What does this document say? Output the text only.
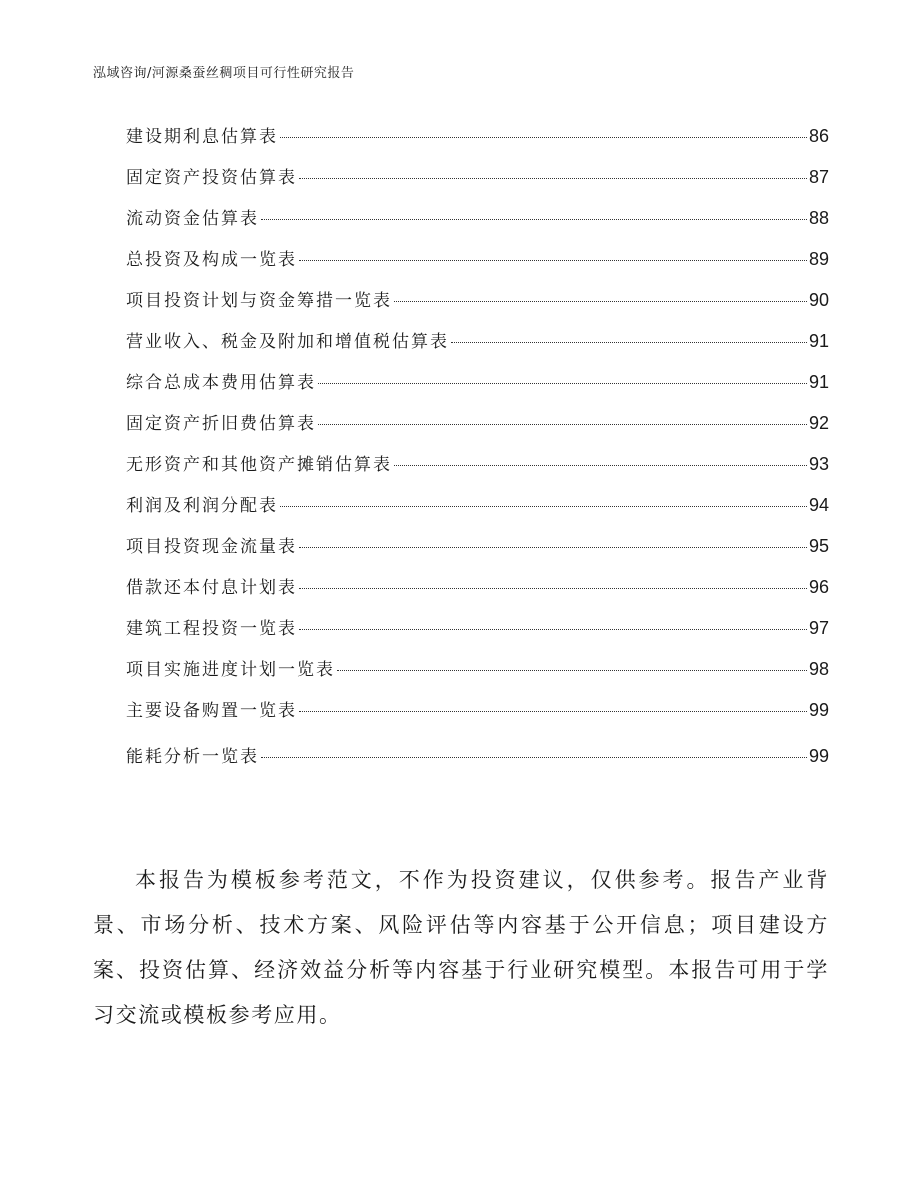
泓域咨询/河源桑蚕丝稠项目可行性研究报告
建设期利息估算表	86
固定资产投资估算表	87
流动资金估算表	88
总投资及构成一览表	89
项目投资计划与资金筹措一览表	90
营业收入、税金及附加和增值税估算表	91
综合总成本费用估算表	91
固定资产折旧费估算表	92
无形资产和其他资产摊销估算表	93
利润及利润分配表	94
项目投资现金流量表	95
借款还本付息计划表	96
建筑工程投资一览表	97
项目实施进度计划一览表	98
主要设备购置一览表	99
能耗分析一览表	99

本报告为模板参考范文，不作为投资建议，仅供参考。报告产业背景、市场分析、技术方案、风险评估等内容基于公开信息；项目建设方案、投资估算、经济效益分析等内容基于行业研究模型。本报告可用于学习交流或模板参考应用。
